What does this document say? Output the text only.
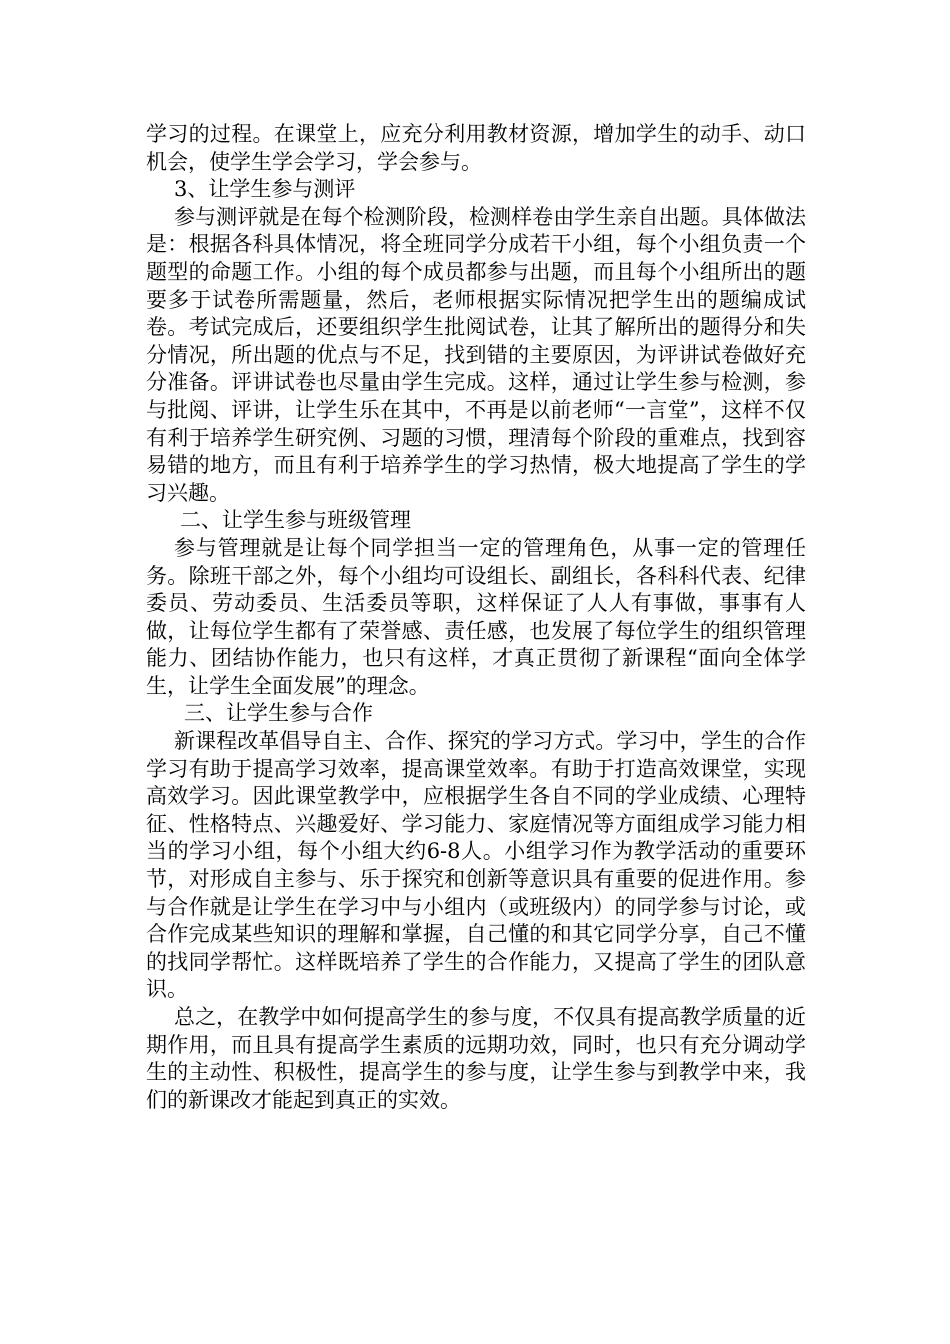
学习的过程。在课堂上，应充分利用教材资源，增加学生的动手、动口机会，使学生学会学习，学会参与。

3、让学生参与测评

参与测评就是在每个检测阶段，检测样卷由学生亲自出题。具体做法是：根据各科具体情况，将全班同学分成若干小组，每个小组负责一个题型的命题工作。小组的每个成员都参与出题，而且每个小组所出的题要多于试卷所需题量，然后，老师根据实际情况把学生出的题编成试卷。考试完成后，还要组织学生批阅试卷，让其了解所出的题得分和失分情况，所出题的优点与不足，找到错的主要原因，为评讲试卷做好充分准备。评讲试卷也尽量由学生完成。这样，通过让学生参与检测，参与批阅、评讲，让学生乐在其中，不再是以前老师“一言堂”，这样不仅有利于培养学生研究例、习题的习惯，理清每个阶段的重难点，找到容易错的地方，而且有利于培养学生的学习热情，极大地提高了学生的学习兴趣。

二、让学生参与班级管理

参与管理就是让每个同学担当一定的管理角色，从事一定的管理任务。除班干部之外，每个小组均可设组长、副组长，各科科代表、纪律委员、劳动委员、生活委员等职，这样保证了人人有事做，事事有人做，让每位学生都有了荣誉感、责任感，也发展了每位学生的组织管理能力、团结协作能力，也只有这样，才真正贯彻了新课程“面向全体学生，让学生全面发展”的理念。

三、让学生参与合作

新课程改革倡导自主、合作、探究的学习方式。学习中，学生的合作学习有助于提高学习效率，提高课堂效率。有助于打造高效课堂，实现高效学习。因此课堂教学中，应根据学生各自不同的学业成绩、心理特征、性格特点、兴趣爱好、学习能力、家庭情况等方面组成学习能力相当的学习小组，每个小组大约6-8人。小组学习作为教学活动的重要环节，对形成自主参与、乐于探究和创新等意识具有重要的促进作用。参与合作就是让学生在学习中与小组内（或班级内）的同学参与讨论，或合作完成某些知识的理解和掌握，自己懂的和其它同学分享，自己不懂的找同学帮忙。这样既培养了学生的合作能力，又提高了学生的团队意识。

总之，在教学中如何提高学生的参与度，不仅具有提高教学质量的近期作用，而且具有提高学生素质的远期功效，同时，也只有充分调动学生的主动性、积极性，提高学生的参与度，让学生参与到教学中来，我们的新课改才能起到真正的实效。
